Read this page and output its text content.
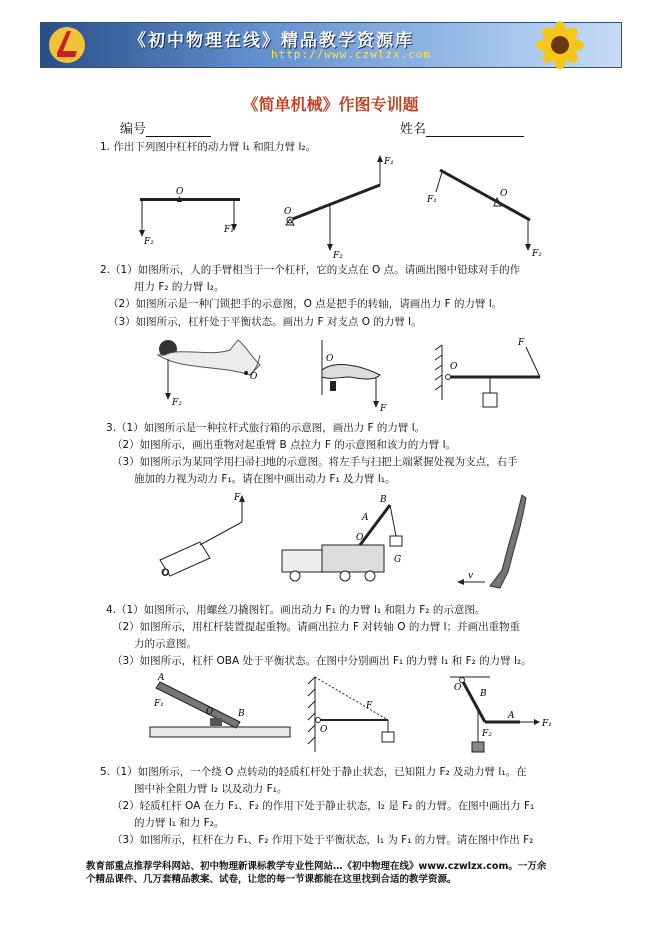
《初中物理在线》精品教学资源库
http://www.czwlzx.com
《简单机械》作图专训题
编号	姓名
1. 作出下列图中杠杆的动力臂 l₁ 和阻力臂 l₂。
O
F₂
F₁
O
F₁
F₂
O
F₁
F₂
2.（1）如图所示，人的手臂相当于一个杠杆，它的支点在 O 点。请画出图中铅球对手的作
用力 F₂ 的力臂 l₂。
（2）如图所示是一种门锁把手的示意图，O 点是把手的转轴，请画出力 F 的力臂 l。
（3）如图所示，杠杆处于平衡状态。画出力 F 对支点 O 的力臂 l。
O
F₂
O
F
O
F
3.（1）如图所示是一种拉杆式旅行箱的示意图，画出力 F 的力臂 l。
（2）如图所示，画出重物对起重臂 B 点拉力 F 的示意图和该力的力臂 l。
（3）如图所示为某同学用扫帚扫地的示意图。将左手与扫把上端紧握处视为支点，右手
施加的力视为动力 F₁。请在图中画出动力 F₁ 及力臂 l₁。
F
O
O
A
B
G
v
4.（1）如图所示，用螺丝刀撬图钉。画出动力 F₁ 的力臂 l₁ 和阻力 F₂ 的示意图。
（2）如图所示，用杠杆装置提起重物。请画出拉力 F 对转轴 O 的力臂 l；并画出重物重
力的示意图。
（3）如图所示，杠杆 OBA 处于平衡状态。在图中分别画出 F₁ 的力臂 l₁ 和 F₂ 的力臂 l₂。
A
F₁
O	B
F
O
O
B
A
F₁
F₂
5.（1）如图所示，一个绕 O 点转动的轻质杠杆处于静止状态，已知阻力 F₂ 及动力臂 l₁。在
图中补全阻力臂 l₂ 以及动力 F₁。
（2）轻质杠杆 OA 在力 F₁、F₂ 的作用下处于静止状态，l₂ 是 F₂ 的力臂。在图中画出力 F₁
的力臂 l₁ 和力 F₂。
（3）如图所示，杠杆在力 F₁、F₂ 作用下处于平衡状态，l₁ 为 F₁ 的力臂。请在图中作出 F₂
教育部重点推荐学科网站、初中物理新课标教学专业性网站…《初中物理在线》www.czwlzx.com。一万余
个精品课件、几万套精品教案、试卷，让您的每一节课都能在这里找到合适的教学资源。
